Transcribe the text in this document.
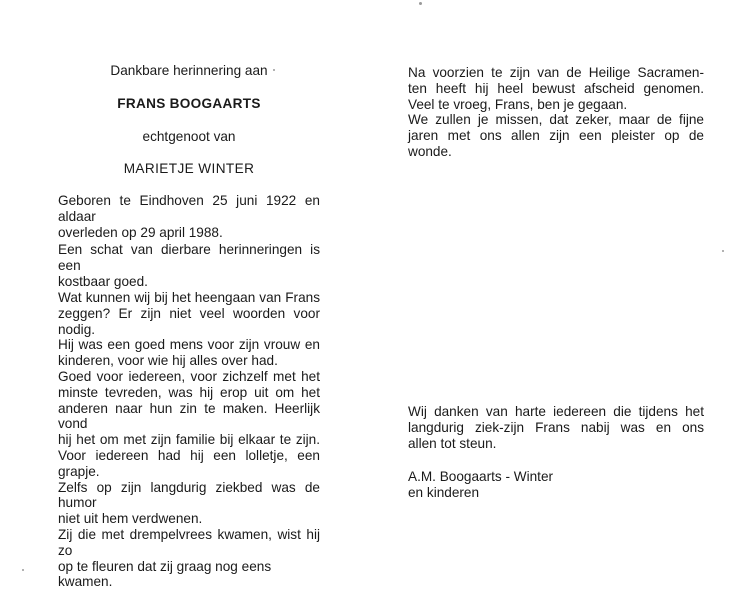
Dankbare herinnering aan
FRANS BOOGAARTS
echtgenoot van
MARIETJE WINTER
Geboren te Eindhoven 25 juni 1922 en aldaar
overleden op 29 april 1988.
Een schat van dierbare herinneringen is een
kostbaar goed.
Wat kunnen wij bij het heengaan van Frans
zeggen? Er zijn niet veel woorden voor nodig.
Hij was een goed mens voor zijn vrouw en
kinderen, voor wie hij alles over had.
Goed voor iedereen, voor zichzelf met het
minste tevreden, was hij erop uit om het
anderen naar hun zin te maken. Heerlijk vond
hij het om met zijn familie bij elkaar te zijn.
Voor iedereen had hij een lolletje, een grapje.
Zelfs op zijn langdurig ziekbed was de humor
niet uit hem verdwenen.
Zij die met drempelvrees kwamen, wist hij zo
op te fleuren dat zij graag nog eens kwamen.
Na voorzien te zijn van de Heilige Sacramen-
ten heeft hij heel bewust afscheid genomen.
Veel te vroeg, Frans, ben je gegaan.
We zullen je missen, dat zeker, maar de fijne
jaren met ons allen zijn een pleister op de
wonde.
Wij danken van harte iedereen die tijdens het
langdurig ziek-zijn Frans nabij was en ons
allen tot steun.
A.M. Boogaarts - Winter
en kinderen
